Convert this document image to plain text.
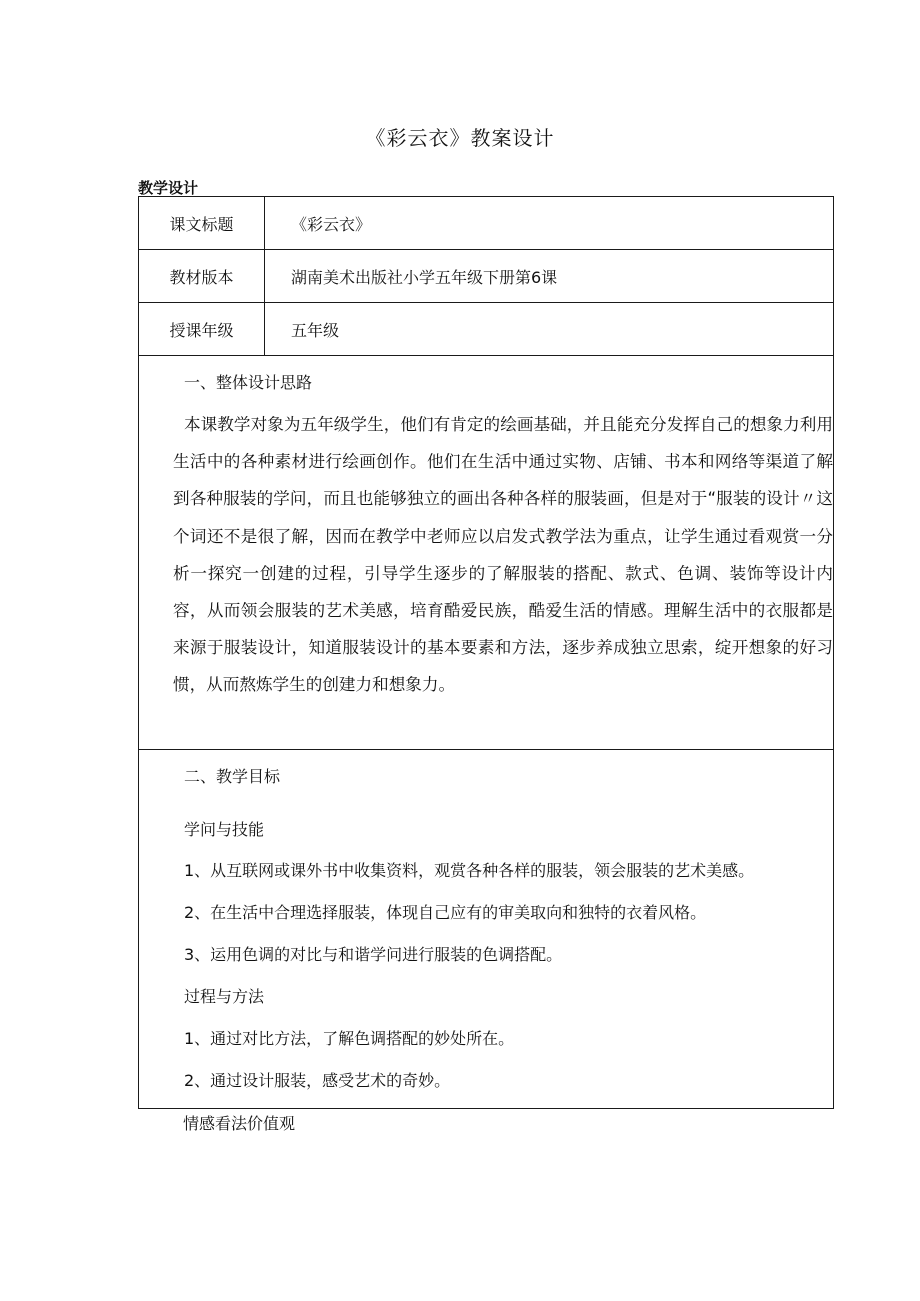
《彩云衣》教案设计
教学设计
课文标题	《彩云衣》
教材版本	湖南美术出版社小学五年级下册第6课
授课年级	五年级
一、整体设计思路
本课教学对象为五年级学生，他们有肯定的绘画基础，并且能充分发挥自己的想象力利用生活中的各种素材进行绘画创作。他们在生活中通过实物、店铺、书本和网络等渠道了解到各种服装的学问，而且也能够独立的画出各种各样的服装画，但是对于“服装的设计〃这个词还不是很了解，因而在教学中老师应以启发式教学法为重点，让学生通过看观赏一分析一探究一创建的过程，引导学生逐步的了解服装的搭配、款式、色调、装饰等设计内容，从而领会服装的艺术美感，培育酷爱民族，酷爱生活的情感。理解生活中的衣服都是来源于服装设计，知道服装设计的基本要素和方法，逐步养成独立思索，绽开想象的好习惯，从而熬炼学生的创建力和想象力。
二、教学目标
学问与技能
1、从互联网或课外书中收集资料，观赏各种各样的服装，领会服装的艺术美感。
2、在生活中合理选择服装，体现自己应有的审美取向和独特的衣着风格。
3、运用色调的对比与和谐学问进行服装的色调搭配。
过程与方法
1、通过对比方法，了解色调搭配的妙处所在。
2、通过设计服装，感受艺术的奇妙。
情感看法价值观
